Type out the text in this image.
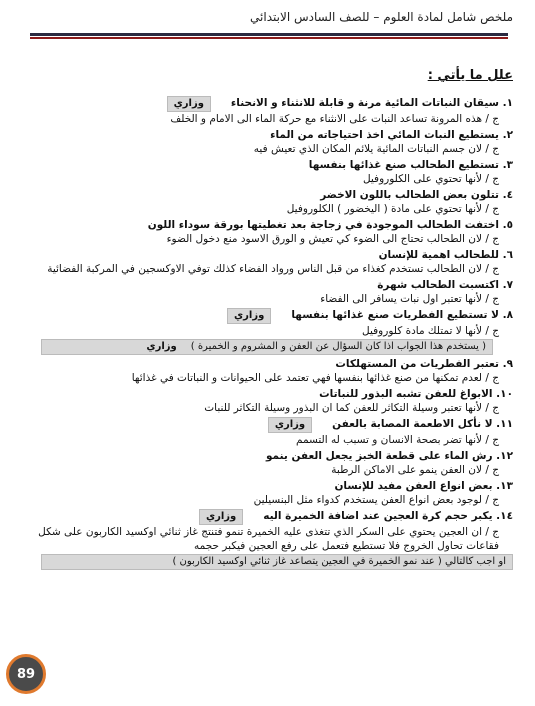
ملخص شامل لمادة العلوم – للصف السادس الابتدائي
علل ما يأتي :
١. سيقان النباتات المائية مرنة و قابلة للانثناء و الانحناءوزاري
ج / هذه المرونة تساعد النبات على الانثناء مع حركة الماء الى الامام و الخلف
٢. يستطيع النبات المائي اخذ احتياجاته من الماء
ج / لان جسم النباتات المائية يلائم المكان الذي تعيش فيه
٣. تستطيع الطحالب صنع غذائها بنفسها
ج / لأنها تحتوي على الكلوروفيل
٤. تتلون بعض الطحالب باللون الاخضر
ج / لأنها تحتوي على مادة ( اليخضور ) الكلوروفيل
٥. اختفت الطحالب الموجودة في زجاجة بعد تغطيتها بورقة سوداء اللون
ج / لان الطحالب تحتاج الى الضوء كي تعيش و الورق الاسود منع دخول الضوء
٦. للطحالب اهمية للإنسان
ج / لان الطحالب تستخدم كغذاء من قبل الناس ورواد الفضاء كذلك توفي الاوكسجين في المركبة الفضائية
٧. اكتسبت الطحالب شهرة
ج / لأنها تعتبر اول نبات يسافر الى الفضاء
٨. لا تستطيع الفطريات صنع غذائها بنفسهاوزاري
ج / لأنها لا تمتلك مادة كلوروفيل
( يستخدم هذا الجواب اذا كان السؤال عن العفن و المشروم و الخميرة )وزاري
٩. تعتبر الفطريات من المستهلكات
ج / لعدم تمكنها من صنع غذائها بنفسها فهي تعتمد على الحيوانات و النباتات في غذائها
١٠. الابواغ للعفن تشبه البذور للنباتات
ج / لأنها تعتبر وسيلة التكاثر للعفن كما ان البذور وسيلة التكاثر للنبات
١١. لا نأكل الاطعمة المصابة بالعفنوزاري
ج / لأنها تضر بصحة الانسان و تسبب له التسمم
١٢. رش الماء على قطعة الخبز يجعل العفن ينمو
ج / لان العفن ينمو على الاماكن الرطبة
١٣. بعض انواع العفن مفيد للإنسان
ج / لوجود بعض انواع العفن يستخدم كدواء مثل البنسيلين
١٤. يكبر حجم كرة العجين عند اضافة الخميرة اليهوزاري
ج / ان العجين يحتوي على السكر الذي تتغذى عليه الخميرة تنمو فتنتج غاز ثنائي اوكسيد الكاربون على شكل فقاعات تحاول الخروج فلا تستطيع فتعمل على رفع العجين فيكبر حجمه
او اجب كالتالي ( عند نمو الخميرة في العجين يتصاعد غاز ثنائي اوكسيد الكاربون )
89
